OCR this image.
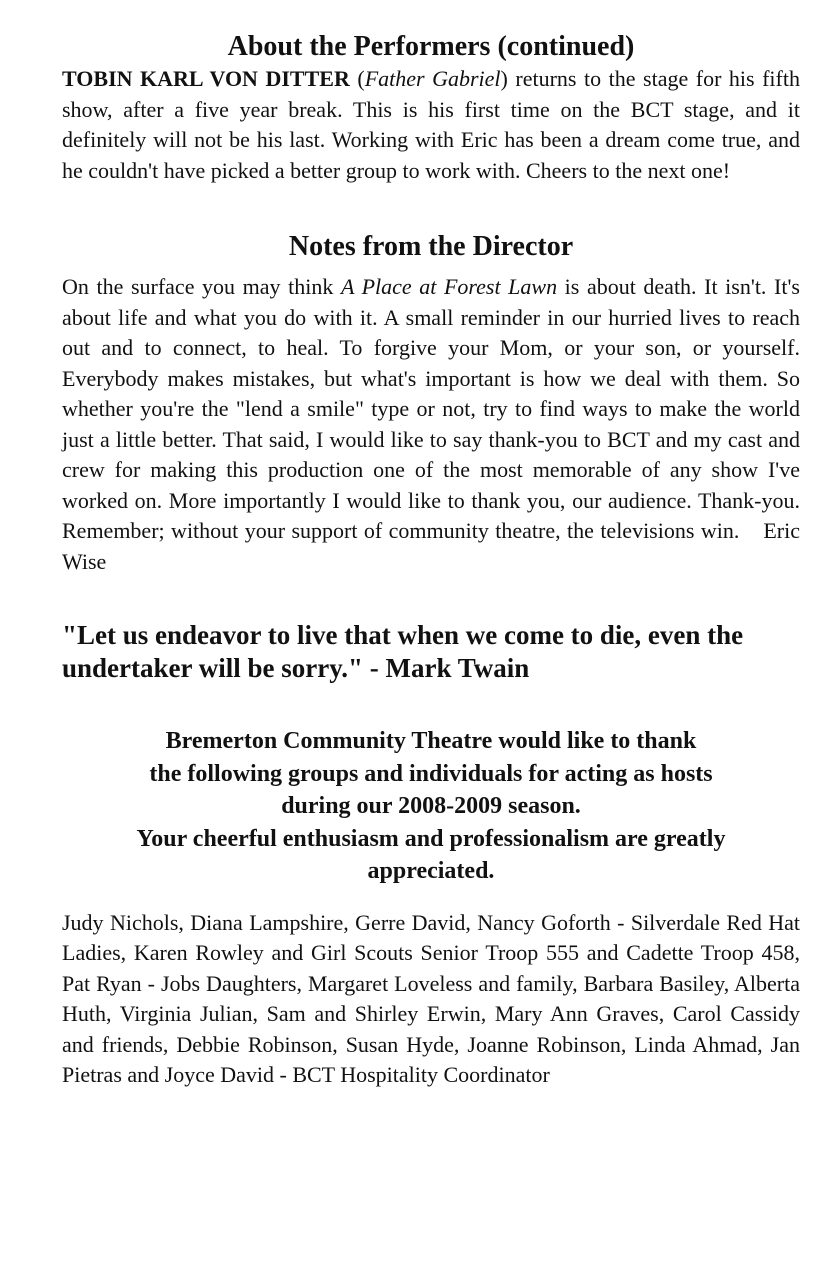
About the Performers (continued)

TOBIN KARL VON DITTER (Father Gabriel) returns to the stage for his fifth show, after a five year break. This is his first time on the BCT stage, and it definitely will not be his last. Working with Eric has been a dream come true, and he couldn't have picked a better group to work with. Cheers to the next one!

Notes from the Director

On the surface you may think A Place at Forest Lawn is about death. It isn't. It's about life and what you do with it. A small reminder in our hurried lives to reach out and to connect, to heal. To forgive your Mom, or your son, or yourself. Everybody makes mistakes, but what's important is how we deal with them. So whether you're the "lend a smile" type or not, try to find ways to make the world just a little better. That said, I would like to say thank-you to BCT and my cast and crew for making this production one of the most memorable of any show I've worked on. More importantly I would like to thank you, our audience. Thank-you. Remember; without your support of community theatre, the televisions win. Eric Wise

"Let us endeavor to live that when we come to die, even the undertaker will be sorry." - Mark Twain

Bremerton Community Theatre would like to thank
the following groups and individuals for acting as hosts
during our 2008-2009 season.
Your cheerful enthusiasm and professionalism are greatly
appreciated.

Judy Nichols, Diana Lampshire, Gerre David, Nancy Goforth - Silverdale Red Hat Ladies, Karen Rowley and Girl Scouts Senior Troop 555 and Cadette Troop 458, Pat Ryan - Jobs Daughters, Margaret Loveless and family, Barbara Basiley, Alberta Huth, Virginia Julian, Sam and Shirley Erwin, Mary Ann Graves, Carol Cassidy and friends, Debbie Robinson, Susan Hyde, Joanne Robinson, Linda Ahmad, Jan Pietras and Joyce David - BCT Hospitality Coordinator
